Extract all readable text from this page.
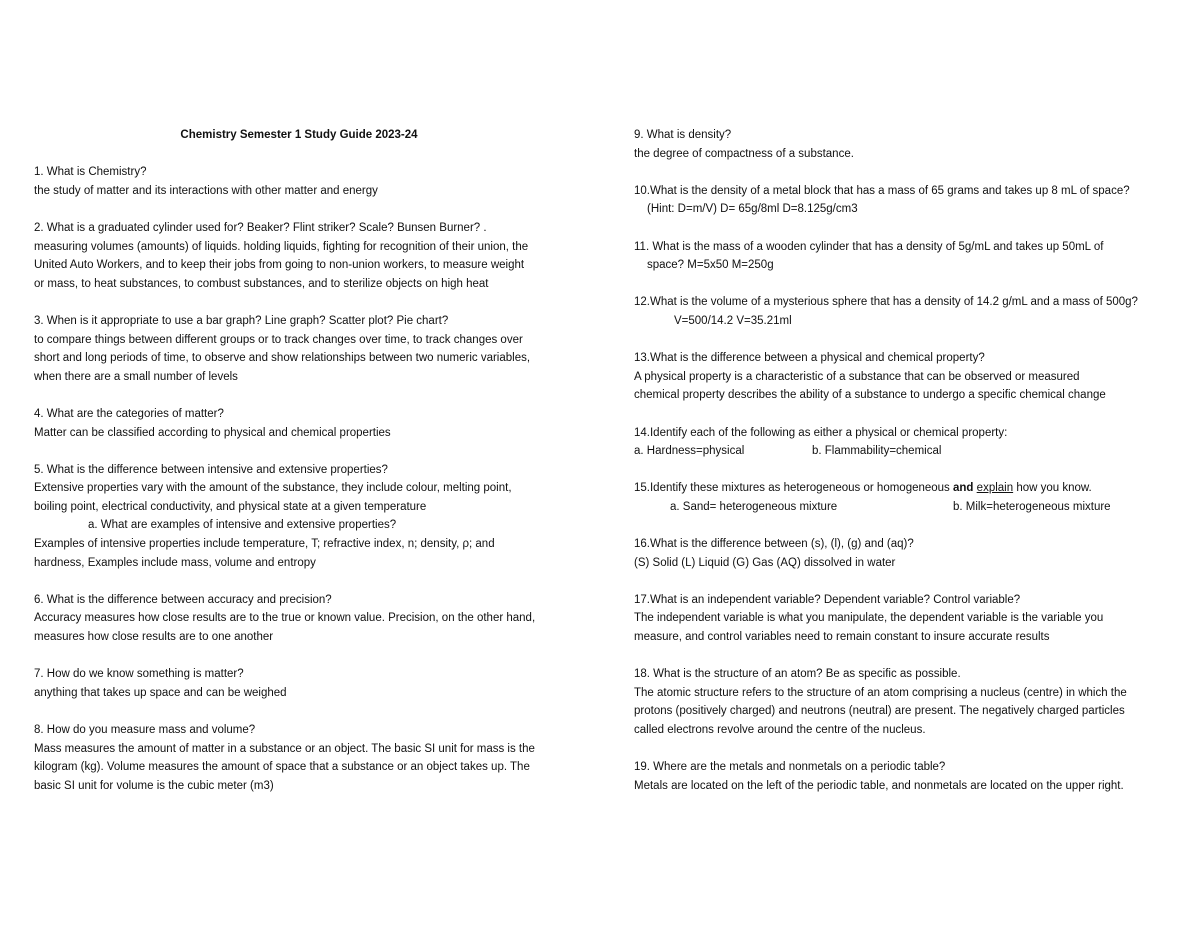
Chemistry Semester 1 Study Guide 2023-24
1. What is Chemistry?
the study of matter and its interactions with other matter and energy
2. What is a graduated cylinder used for? Beaker? Flint striker? Scale? Bunsen Burner? .
measuring volumes (amounts) of liquids. holding liquids, fighting for recognition of their union, the
United Auto Workers, and to keep their jobs from going to non-union workers, to measure weight
or mass, to heat substances, to combust substances, and to sterilize objects on high heat
3. When is it appropriate to use a bar graph? Line graph? Scatter plot? Pie chart?
to compare things between different groups or to track changes over time, to track changes over
short and long periods of time, to observe and show relationships between two numeric variables,
when there are a small number of levels
4. What are the categories of matter?
Matter can be classified according to physical and chemical properties
5. What is the difference between intensive and extensive properties?
Extensive properties vary with the amount of the substance, they include colour, melting point,
boiling point, electrical conductivity, and physical state at a given temperature
a. What are examples of intensive and extensive properties?
Examples of intensive properties include temperature, T; refractive index, n; density, ρ; and
hardness, Examples include mass, volume and entropy
6. What is the difference between accuracy and precision?
Accuracy measures how close results are to the true or known value. Precision, on the other hand,
measures how close results are to one another
7. How do we know something is matter?
anything that takes up space and can be weighed
8. How do you measure mass and volume?
Mass measures the amount of matter in a substance or an object. The basic SI unit for mass is the
kilogram (kg). Volume measures the amount of space that a substance or an object takes up. The
basic SI unit for volume is the cubic meter (m3)
9. What is density?
the degree of compactness of a substance.
10.What is the density of a metal block that has a mass of 65 grams and takes up 8 mL of space?
(Hint: D=m/V) D= 65g/8ml D=8.125g/cm3
11. What is the mass of a wooden cylinder that has a density of 5g/mL and takes up 50mL of
space? M=5x50 M=250g
12.What is the volume of a mysterious sphere that has a density of 14.2 g/mL and a mass of 500g?
V=500/14.2 V=35.21ml
13.What is the difference between a physical and chemical property?
A physical property is a characteristic of a substance that can be observed or measured
chemical property describes the ability of a substance to undergo a specific chemical change
14.Identify each of the following as either a physical or chemical property:
a. Hardness=physical	b. Flammability=chemical
15.Identify these mixtures as heterogeneous or homogeneous and explain how you know.
a. Sand= heterogeneous mixture	b. Milk=heterogeneous mixture
16.What is the difference between (s), (l), (g) and (aq)?
(S) Solid (L) Liquid (G) Gas (AQ) dissolved in water
17.What is an independent variable? Dependent variable? Control variable?
The independent variable is what you manipulate, the dependent variable is the variable you
measure, and control variables need to remain constant to insure accurate results
18. What is the structure of an atom? Be as specific as possible.
The atomic structure refers to the structure of an atom comprising a nucleus (centre) in which the
protons (positively charged) and neutrons (neutral) are present. The negatively charged particles
called electrons revolve around the centre of the nucleus.
19. Where are the metals and nonmetals on a periodic table?
Metals are located on the left of the periodic table, and nonmetals are located on the upper right.
